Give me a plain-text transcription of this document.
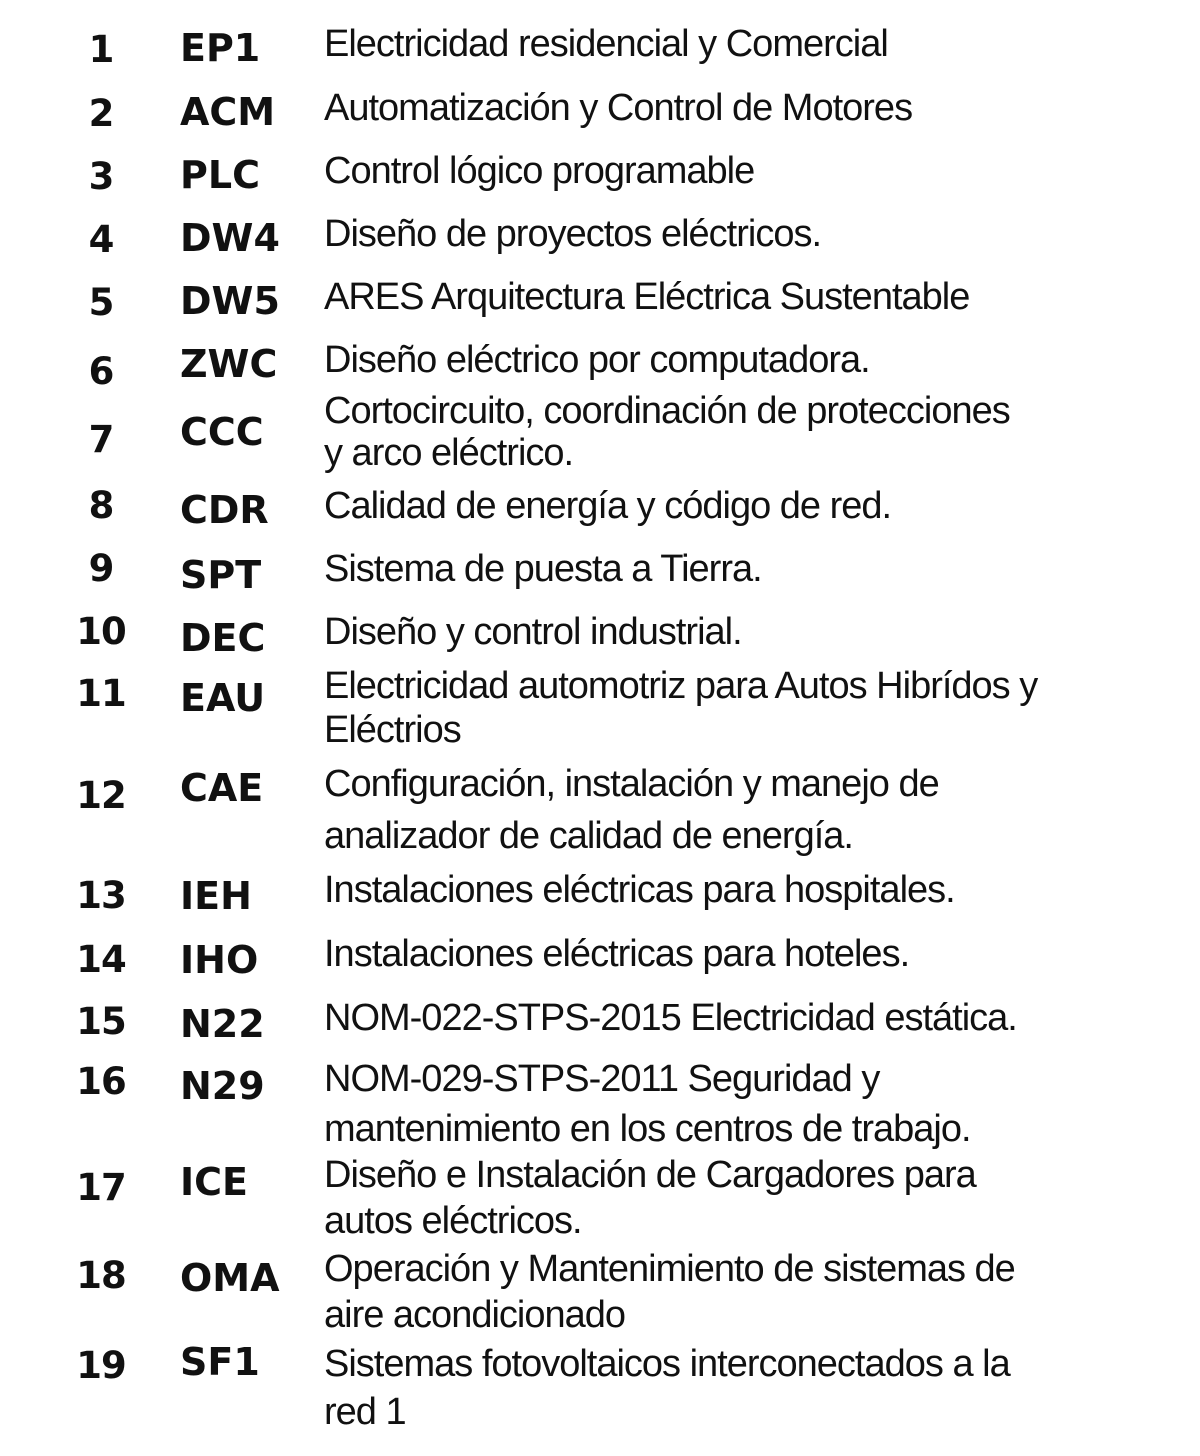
1	EP1 Electricidad residencial y Comercial
2	ACM Automatización y Control de Motores
3	PLC Control lógico programable
4	DW4 Diseño de proyectos eléctricos.
5	DW5 ARES Arquitectura Eléctrica Sustentable
6	ZWC Diseño eléctrico por computadora.
7	CCC Cortocircuito, coordinación de protecciones
y arco eléctrico.
8	CDR Calidad de energía y código de red.
9	SPT Sistema de puesta a Tierra.
10 DEC Diseño y control industrial.
11 EAU Electricidad automotriz para Autos Hibrídos y
Eléctrios
12 CAE Configuración, instalación y manejo de
analizador de calidad de energía.
13 IEH Instalaciones eléctricas para hospitales.
14 IHO Instalaciones eléctricas para hoteles.
15 N22 NOM-022-STPS-2015 Electricidad estática.
16 N29 NOM-029-STPS-2011 Seguridad y
mantenimiento en los centros de trabajo.
17 ICE Diseño e Instalación de Cargadores para
autos eléctricos.
18 OMA Operación y Mantenimiento de sistemas de
aire acondicionado
19 SF1 Sistemas fotovoltaicos interconectados a la
red 1
